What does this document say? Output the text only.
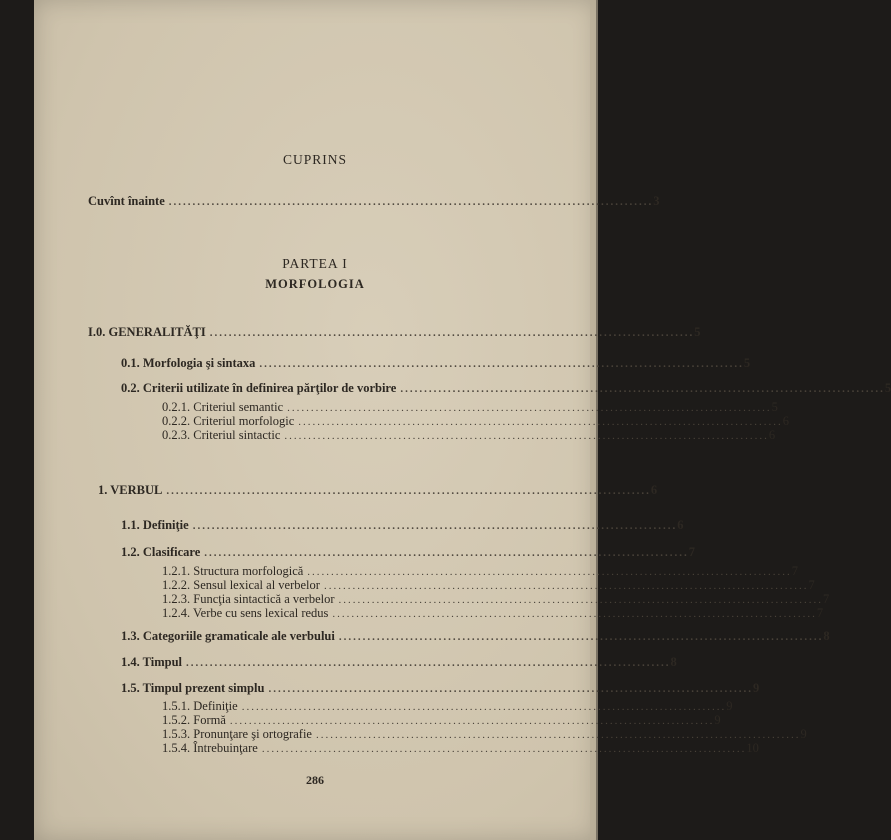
CUPRINS
Cuvînt înainte ...................................................................................................... 3
PARTEA I
MORFOLOGIA
I.0. GENERALITĂŢI ...................................................................................................... 5
0.1. Morfologia şi sintaxa ...................................................................................................... 5
0.2. Criterii utilizate în definirea părţilor de vorbire ...................................................................................................... 5
0.2.1. Criteriul semantic ...................................................................................................... 5
0.2.2. Criteriul morfologic ...................................................................................................... 6
0.2.3. Criteriul sintactic ...................................................................................................... 6
1. VERBUL ...................................................................................................... 6
1.1. Definiţie ...................................................................................................... 6
1.2. Clasificare ...................................................................................................... 7
1.2.1. Structura morfologică ...................................................................................................... 7
1.2.2. Sensul lexical al verbelor ...................................................................................................... 7
1.2.3. Funcţia sintactică a verbelor ...................................................................................................... 7
1.2.4. Verbe cu sens lexical redus ...................................................................................................... 7
1.3. Categoriile gramaticale ale verbului ...................................................................................................... 8
1.4. Timpul ...................................................................................................... 8
1.5. Timpul prezent simplu ...................................................................................................... 9
1.5.1. Definiţie ...................................................................................................... 9
1.5.2. Formă ...................................................................................................... 9
1.5.3. Pronunţare şi ortografie ...................................................................................................... 9
1.5.4. Întrebuinţare ...................................................................................................... 10
286
